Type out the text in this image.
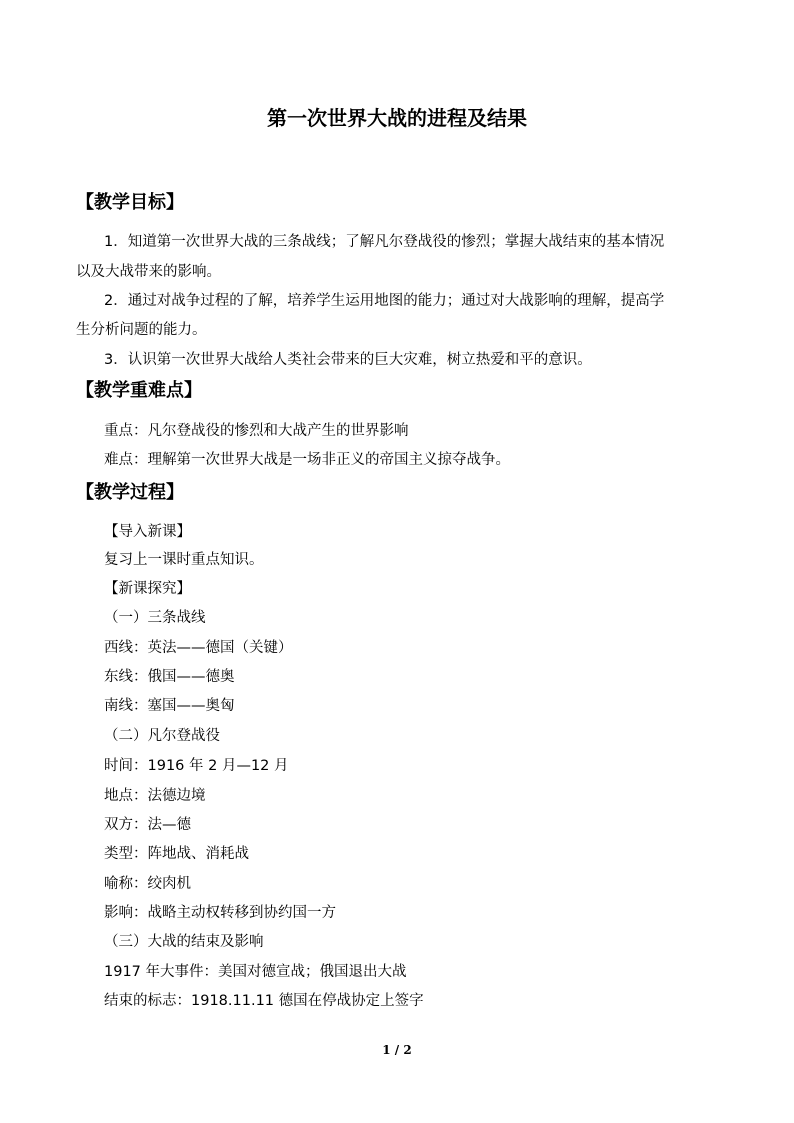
第一次世界大战的进程及结果
【教学目标】
1．知道第一次世界大战的三条战线；了解凡尔登战役的惨烈；掌握大战结束的基本情况
以及大战带来的影响。
2．通过对战争过程的了解，培养学生运用地图的能力；通过对大战影响的理解，提高学
生分析问题的能力。
3．认识第一次世界大战给人类社会带来的巨大灾难，树立热爱和平的意识。
【教学重难点】
重点：凡尔登战役的惨烈和大战产生的世界影响
难点：理解第一次世界大战是一场非正义的帝国主义掠夺战争。
【教学过程】
【导入新课】
复习上一课时重点知识。
【新课探究】
（一）三条战线
西线：英法——德国（关键）
东线：俄国——德奥
南线：塞国——奥匈
（二）凡尔登战役
时间：1916 年 2 月—12 月
地点：法德边境
双方：法—德
类型：阵地战、消耗战
喻称：绞肉机
影响：战略主动权转移到协约国一方
（三）大战的结束及影响
1917 年大事件：美国对德宣战；俄国退出大战
结束的标志：1918.11.11 德国在停战协定上签字
1 / 2
